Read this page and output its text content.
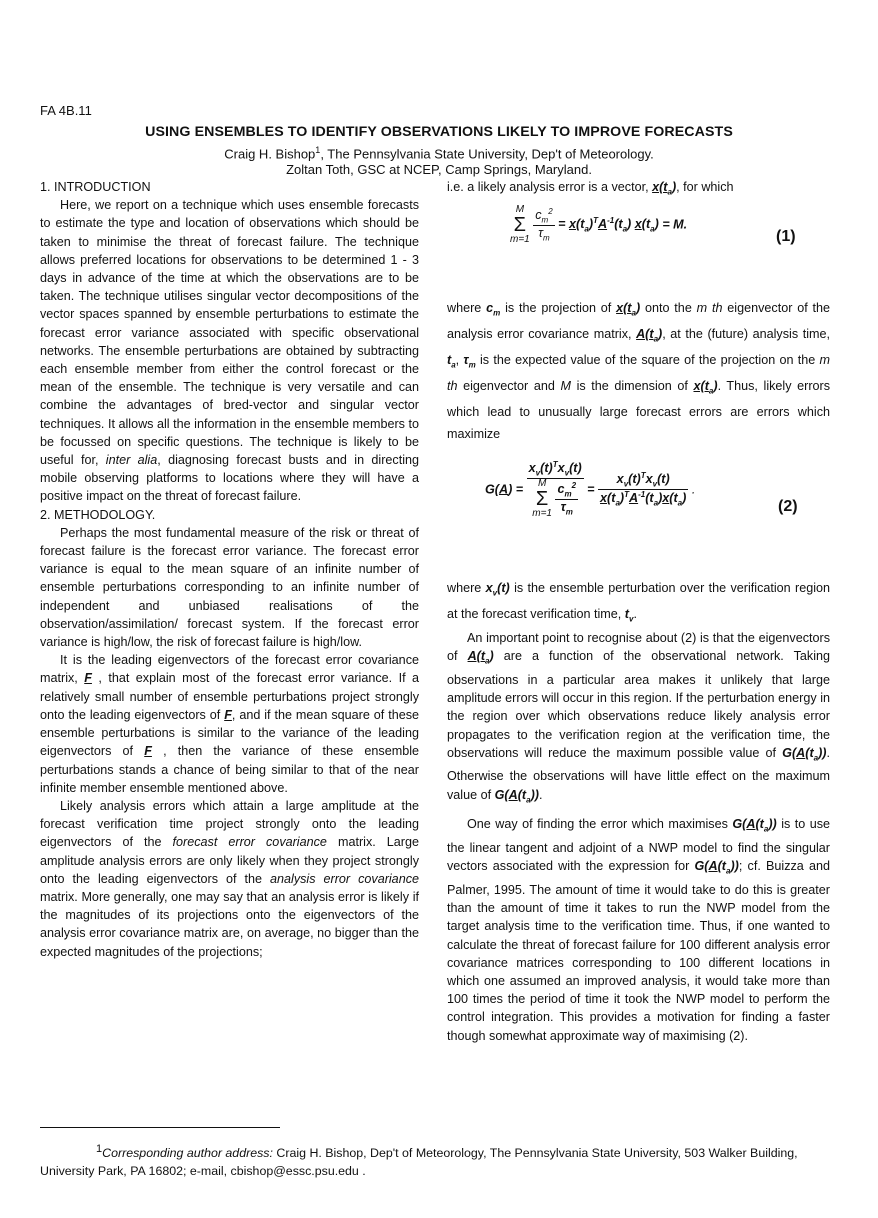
FA 4B.11
USING ENSEMBLES TO IDENTIFY OBSERVATIONS LIKELY TO IMPROVE FORECASTS
Craig H. Bishop$^1$, The Pennsylvania State University, Dep't of Meteorology.
Zoltan Toth, GSC at NCEP, Camp Springs, Maryland.

1. INTRODUCTION

Here, we report on a technique which uses ensemble forecasts to estimate the type and location of observations which should be taken to minimise the threat of forecast failure. The technique allows preferred locations for observations to be determined 1 - 3 days in advance of the time at which the observations are to be taken. The technique utilises singular vector decompositions of the vector spaces spanned by ensemble perturbations to estimate the forecast error variance associated with specific observational networks. The ensemble perturbations are obtained by subtracting each ensemble member from either the control forecast or the mean of the ensemble. The technique is very versatile and can combine the advantages of bred-vector and singular vector techniques. It allows all the information in the ensemble members to be focussed on specific questions. The technique is likely to be useful for, inter alia, diagnosing forecast busts and in directing mobile observing platforms to locations where they will have a positive impact on the threat of forecast failure.

2. METHODOLOGY.

Perhaps the most fundamental measure of the risk or threat of forecast failure is the forecast error variance. The forecast error variance is equal to the mean square of an infinite number of ensemble perturbations corresponding to an infinite number of independent and unbiased realisations of the observation/assimilation/ forecast system. If the forecast error variance is high/low, the risk of forecast failure is high/low.

It is the leading eigenvectors of the forecast error covariance matrix, F , that explain most of the forecast error variance. If a relatively small number of ensemble perturbations project strongly onto the leading eigenvectors of F, and if the mean square of these ensemble perturbations is similar to the variance of the leading eigenvectors of F , then the variance of these ensemble perturbations stands a chance of being similar to that of the near infinite member ensemble mentioned above.

Likely analysis errors which attain a large amplitude at the forecast verification time project strongly onto the leading eigenvectors of the forecast error covariance matrix. Large amplitude analysis errors are only likely when they project strongly onto the leading eigenvectors of the analysis error covariance matrix. More generally, one may say that an analysis error is likely if the magnitudes of its projections onto the eigenvectors of the analysis error covariance matrix are, on average, no bigger than the expected magnitudes of the projections;

i.e. a likely analysis error is a vector, $x(t_a)$, for which

M
Σ
$m=1 \frac{c_m^2}{\tau_m} = x(t_a)^TA^{-1}(t_a) x(t_a) = M$.
(1)

where $c_m$ is the projection of $x(t_a)$ onto the m th eigenvector of the analysis error covariance matrix, $A(t_a)$, at the (future) analysis time, $t_a$, $\tau_m$ is the expected value of the square of the projection on the m th eigenvector and M is the dimension of $x(t_a)$. Thus, likely errors which lead to unusually large forecast errors are errors which maximize

G(A) =
$x_v(t)^Tx_v(t)$
M
Σ
$m=1 \frac{c_m^2}{\tau_m} = \frac{x_v(t)^Tx_v(t)}{x(t_a)^TA^{-1}(t_a)x(t_a)}$ .
(2)

where $x_v(t)$ is the ensemble perturbation over the verification region at the forecast verification time, $t_v$.

An important point to recognise about (2) is that the eigenvectors of $A(t_a)$ are a function of the observational network. Taking observations in a particular area makes it unlikely that large amplitude errors will occur in this region. If the perturbation energy in the region over which observations reduce likely analysis error propagates to the verification region at the verification time, the observations will reduce the maximum possible value of $G(A(t_a))$. Otherwise the observations will have little effect on the maximum value of $G(A(t_a))$.

One way of finding the error which maximises $G(A(t_a))$ is to use the linear tangent and adjoint of a NWP model to find the singular vectors associated with the expression for $G(A(t_a))$; cf. Buizza and Palmer, 1995. The amount of time it would take to do this is greater than the amount of time it takes to run the NWP model from the target analysis time to the verification time. Thus, if one wanted to calculate the threat of forecast failure for 100 different analysis error covariance matrices corresponding to 100 different locations in which one assumed an improved analysis, it would take more than 100 times the period of time it took the NWP model to perform the control integration. This provides a motivation for finding a faster though somewhat approximate way of maximising (2).

1Corresponding author address: Craig H. Bishop, Dep't of Meteorology, The Pennsylvania State University, 503 Walker Building, University Park, PA 16802; e-mail, cbishop@essc.psu.edu .
